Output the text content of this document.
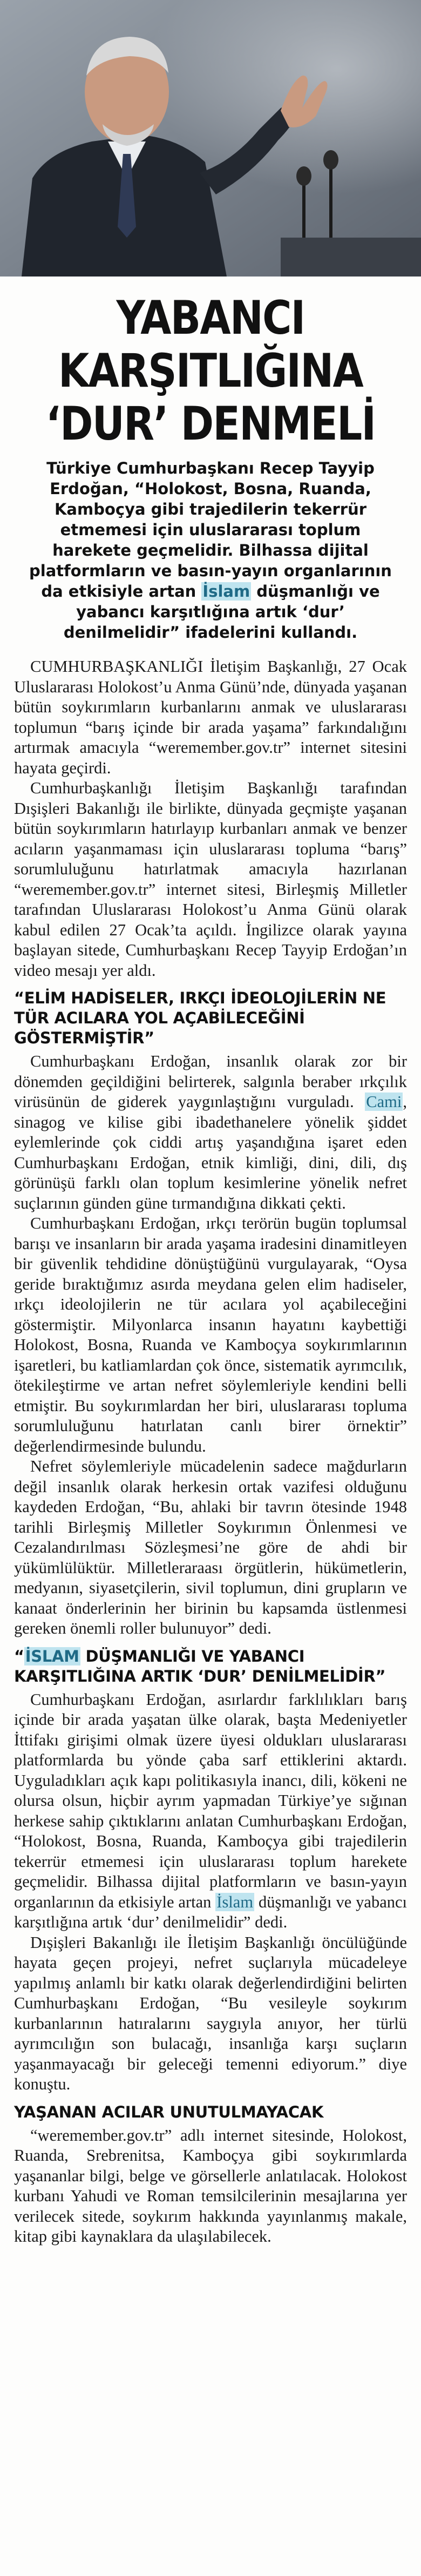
YABANCI
KARŞITLIĞINA
‘DUR’ DENMELİ

Türkiye Cumhurbaşkanı Recep Tayyip Erdoğan, “Holokost, Bosna, Ruanda, Kamboçya gibi trajedilerin tekerrür etmemesi için uluslararası toplum harekete geçmelidir. Bilhassa dijital platformların ve basın-yayın organlarının da etkisiyle artan İslam düşmanlığı ve yabancı karşıtlığına artık ‘dur’ denilmelidir” ifadelerini kullandı.

CUMHURBAŞKANLIĞI İletişim Başkanlığı, 27 Ocak Uluslararası Holokost’u Anma Günü’nde, dünyada yaşanan bütün soykırımların kurbanlarını anmak ve uluslararası toplumun “barış içinde bir arada yaşama” farkındalığını artırmak amacıyla “weremember.gov.tr” internet sitesini hayata geçirdi.

Cumhurbaşkanlığı İletişim Başkanlığı tarafından Dışişleri Bakanlığı ile birlikte, dünyada geçmişte yaşanan bütün soykırımların hatırlayıp kurbanları anmak ve benzer acıların yaşanmaması için uluslararası topluma “barış” sorumluluğunu hatırlatmak amacıyla hazırlanan “weremember.gov.tr” internet sitesi, Birleşmiş Milletler tarafından Uluslararası Holokost’u Anma Günü olarak kabul edilen 27 Ocak’ta açıldı. İngilizce olarak yayına başlayan sitede, Cumhurbaşkanı Recep Tayyip Erdoğan’ın video mesajı yer aldı.

“ELİM HADİSELER, IRKÇI İDEOLOJİLERİN NE TÜR ACILARA YOL AÇABİLECEĞİNİ GÖSTERMİŞTİR”

Cumhurbaşkanı Erdoğan, insanlık olarak zor bir dönemden geçildiğini belirterek, salgınla beraber ırkçılık virüsünün de giderek yaygınlaştığını vurguladı. Cami, sinagog ve kilise gibi ibadethanelere yönelik şiddet eylemlerinde çok ciddi artış yaşandığına işaret eden Cumhurbaşkanı Erdoğan, etnik kimliği, dini, dili, dış görünüşü farklı olan toplum kesimlerine yönelik nefret suçlarının günden güne tırmandığına dikkati çekti.

Cumhurbaşkanı Erdoğan, ırkçı terörün bugün toplumsal barışı ve insanların bir arada yaşama iradesini dinamitleyen bir güvenlik tehdidine dönüştüğünü vurgulayarak, “Oysa geride bıraktığımız asırda meydana gelen elim hadiseler, ırkçı ideolojilerin ne tür acılara yol açabileceğini göstermiştir. Milyonlarca insanın hayatını kaybettiği Holokost, Bosna, Ruanda ve Kamboçya soykırımlarının işaretleri, bu katliamlardan çok önce, sistematik ayrımcılık, ötekileştirme ve artan nefret söylemleriyle kendini belli etmiştir. Bu soykırımlardan her biri, uluslararası topluma sorumluluğunu hatırlatan canlı birer örnektir” değerlendirmesinde bulundu.

Nefret söylemleriyle mücadelenin sadece mağdurların değil insanlık olarak herkesin ortak vazifesi olduğunu kaydeden Erdoğan, “Bu, ahlaki bir tavrın ötesinde 1948 tarihli Birleşmiş Milletler Soykırımın Önlenmesi ve Cezalandırılması Sözleşmesi’ne göre de ahdi bir yükümlülüktür. Milletleraraası örgütlerin, hükümetlerin, medyanın, siyasetçilerin, sivil toplumun, dini grupların ve kanaat önderlerinin her birinin bu kapsamda üstlenmesi gereken önemli roller bulunuyor” dedi.

“İSLAM DÜŞMANLIĞI VE YABANCI KARŞITLIĞINA ARTIK ‘DUR’ DENİLMELİDİR”

Cumhurbaşkanı Erdoğan, asırlardır farklılıkları barış içinde bir arada yaşatan ülke olarak, başta Medeniyetler İttifakı girişimi olmak üzere üyesi oldukları uluslararası platformlarda bu yönde çaba sarf ettiklerini aktardı. Uyguladıkları açık kapı politikasıyla inancı, dili, kökeni ne olursa olsun, hiçbir ayrım yapmadan Türkiye’ye sığınan herkese sahip çıktıklarını anlatan Cumhurbaşkanı Erdoğan, “Holokost, Bosna, Ruanda, Kamboçya gibi trajedilerin tekerrür etmemesi için uluslararası toplum harekete geçmelidir. Bilhassa dijital platformların ve basın-yayın organlarının da etkisiyle artan İslam düşmanlığı ve yabancı karşıtlığına artık ‘dur’ denilmelidir” dedi.

Dışişleri Bakanlığı ile İletişim Başkanlığı öncülüğünde hayata geçen projeyi, nefret suçlarıyla mücadeleye yapılmış anlamlı bir katkı olarak değerlendirdiğini belirten Cumhurbaşkanı Erdoğan, “Bu vesileyle soykırım kurbanlarının hatıralarını saygıyla anıyor, her türlü ayrımcılığın son bulacağı, insanlığa karşı suçların yaşanmayacağı bir geleceği temenni ediyorum.” diye konuştu.

YAŞANAN ACILAR UNUTULMAYACAK

“weremember.gov.tr” adlı internet sitesinde, Holokost, Ruanda, Srebrenitsa, Kamboçya gibi soykırımlarda yaşananlar bilgi, belge ve görsellerle anlatılacak. Holokost kurbanı Yahudi ve Roman temsilcilerinin mesajlarına yer verilecek sitede, soykırım hakkında yayınlanmış makale, kitap gibi kaynaklara da ulaşılabilecek.
